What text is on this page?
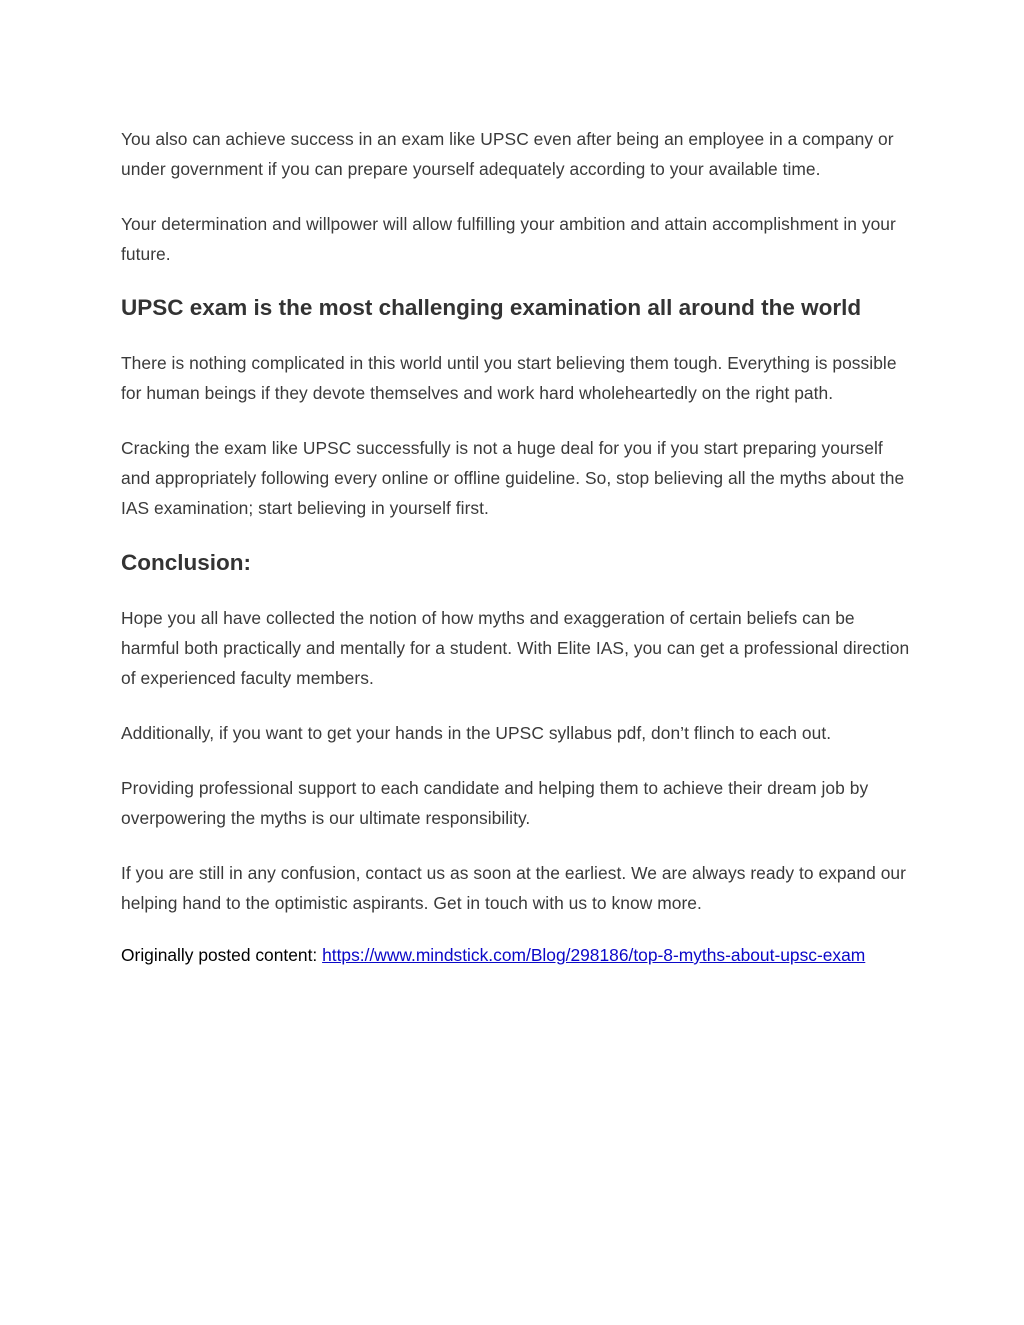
You also can achieve success in an exam like UPSC even after being an employee in a company or under government if you can prepare yourself adequately according to your available time.

Your determination and willpower will allow fulfilling your ambition and attain accomplishment in your future.

UPSC exam is the most challenging examination all around the world

There is nothing complicated in this world until you start believing them tough. Everything is possible for human beings if they devote themselves and work hard wholeheartedly on the right path.

Cracking the exam like UPSC successfully is not a huge deal for you if you start preparing yourself and appropriately following every online or offline guideline. So, stop believing all the myths about the IAS examination; start believing in yourself first.

Conclusion:

Hope you all have collected the notion of how myths and exaggeration of certain beliefs can be harmful both practically and mentally for a student. With Elite IAS, you can get a professional direction of experienced faculty members.

Additionally, if you want to get your hands in the UPSC syllabus pdf, don’t flinch to each out.

Providing professional support to each candidate and helping them to achieve their dream job by overpowering the myths is our ultimate responsibility.

If you are still in any confusion, contact us as soon at the earliest. We are always ready to expand our helping hand to the optimistic aspirants. Get in touch with us to know more.

Originally posted content: https://www.mindstick.com/Blog/298186/top-8-myths-about-upsc-exam
